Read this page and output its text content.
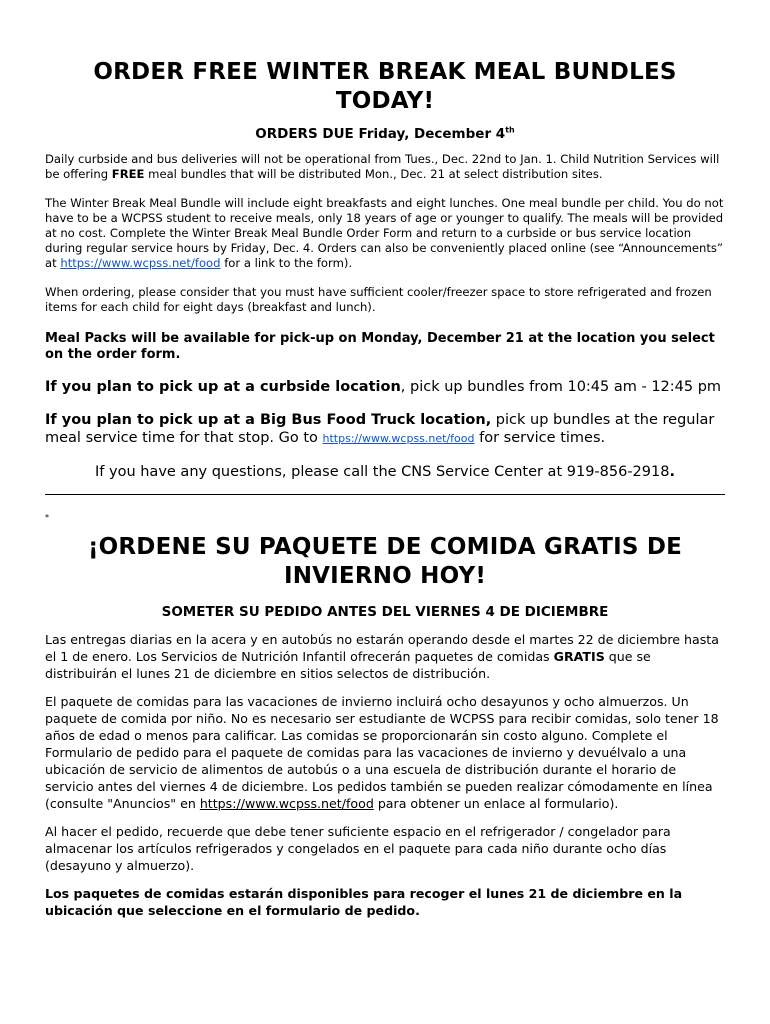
ORDER FREE WINTER BREAK MEAL BUNDLES TODAY!
ORDERS DUE Friday, December 4th

Daily curbside and bus deliveries will not be operational from Tues., Dec. 22nd to Jan. 1. Child Nutrition Services will be offering FREE meal bundles that will be distributed Mon., Dec. 21 at select distribution sites.

The Winter Break Meal Bundle will include eight breakfasts and eight lunches. One meal bundle per child. You do not have to be a WCPSS student to receive meals, only 18 years of age or younger to qualify. The meals will be provided at no cost. Complete the Winter Break Meal Bundle Order Form and return to a curbside or bus service location during regular service hours by Friday, Dec. 4. Orders can also be conveniently placed online (see “Announcements” at https://www.wcpss.net/food for a link to the form).

When ordering, please consider that you must have sufficient cooler/freezer space to store refrigerated and frozen items for each child for eight days (breakfast and lunch).

Meal Packs will be available for pick-up on Monday, December 21 at the location you select on the order form.

If you plan to pick up at a curbside location, pick up bundles from 10:45 am - 12:45 pm

If you plan to pick up at a Big Bus Food Truck location, pick up bundles at the regular meal service time for that stop. Go to https://www.wcpss.net/food for service times.

If you have any questions, please call the CNS Service Center at 919-856-2918.

*
¡ORDENE SU PAQUETE DE COMIDA GRATIS DE INVIERNO HOY!
SOMETER SU PEDIDO ANTES DEL VIERNES 4 DE DICIEMBRE

Las entregas diarias en la acera y en autobús no estarán operando desde el martes 22 de diciembre hasta el 1 de enero. Los Servicios de Nutrición Infantil ofrecerán paquetes de comidas GRATIS que se distribuirán el lunes 21 de diciembre en sitios selectos de distribución.

El paquete de comidas para las vacaciones de invierno incluirá ocho desayunos y ocho almuerzos. Un paquete de comida por niño. No es necesario ser estudiante de WCPSS para recibir comidas, solo tener 18 años de edad o menos para calificar. Las comidas se proporcionarán sin costo alguno. Complete el Formulario de pedido para el paquete de comidas para las vacaciones de invierno y devuélvalo a una ubicación de servicio de alimentos de autobús o a una escuela de distribución durante el horario de servicio antes del viernes 4 de diciembre. Los pedidos también se pueden realizar cómodamente en línea (consulte "Anuncios" en https://www.wcpss.net/food para obtener un enlace al formulario).

Al hacer el pedido, recuerde que debe tener suficiente espacio en el refrigerador / congelador para almacenar los artículos refrigerados y congelados en el paquete para cada niño durante ocho días (desayuno y almuerzo).

Los paquetes de comidas estarán disponibles para recoger el lunes 21 de diciembre en la ubicación que seleccione en el formulario de pedido.
